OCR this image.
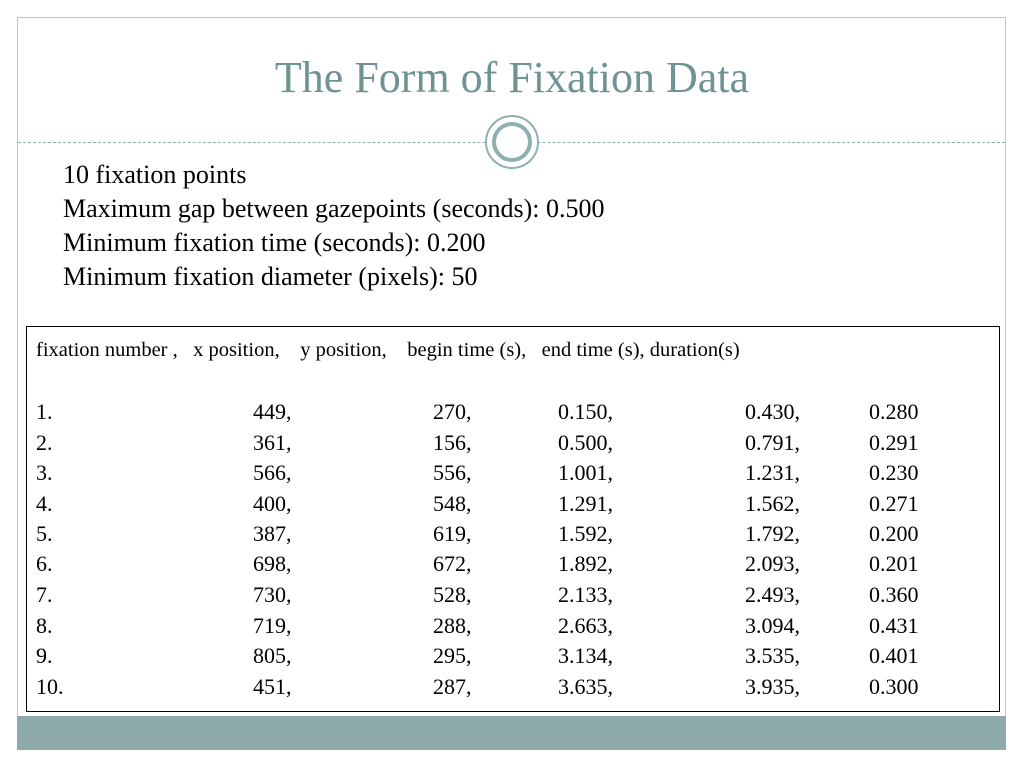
The Form of Fixation Data
10 fixation points
Maximum gap between gazepoints (seconds): 0.500
Minimum fixation time (seconds): 0.200
Minimum fixation diameter (pixels): 50
fixation number ,   x position,    y position,    begin time (s),   end time (s), duration(s)
1.	449,	270,	0.150,	0.430,	0.280
2.	361,	156,	0.500,	0.791,	0.291
3.	566,	556,	1.001,	1.231,	0.230
4.	400,	548,	1.291,	1.562,	0.271
5.	387,	619,	1.592,	1.792,	0.200
6.	698,	672,	1.892,	2.093,	0.201
7.	730,	528,	2.133,	2.493,	0.360
8.	719,	288,	2.663,	3.094,	0.431
9.	805,	295,	3.134,	3.535,	0.401
10.	451,	287,	3.635,	3.935,	0.300
